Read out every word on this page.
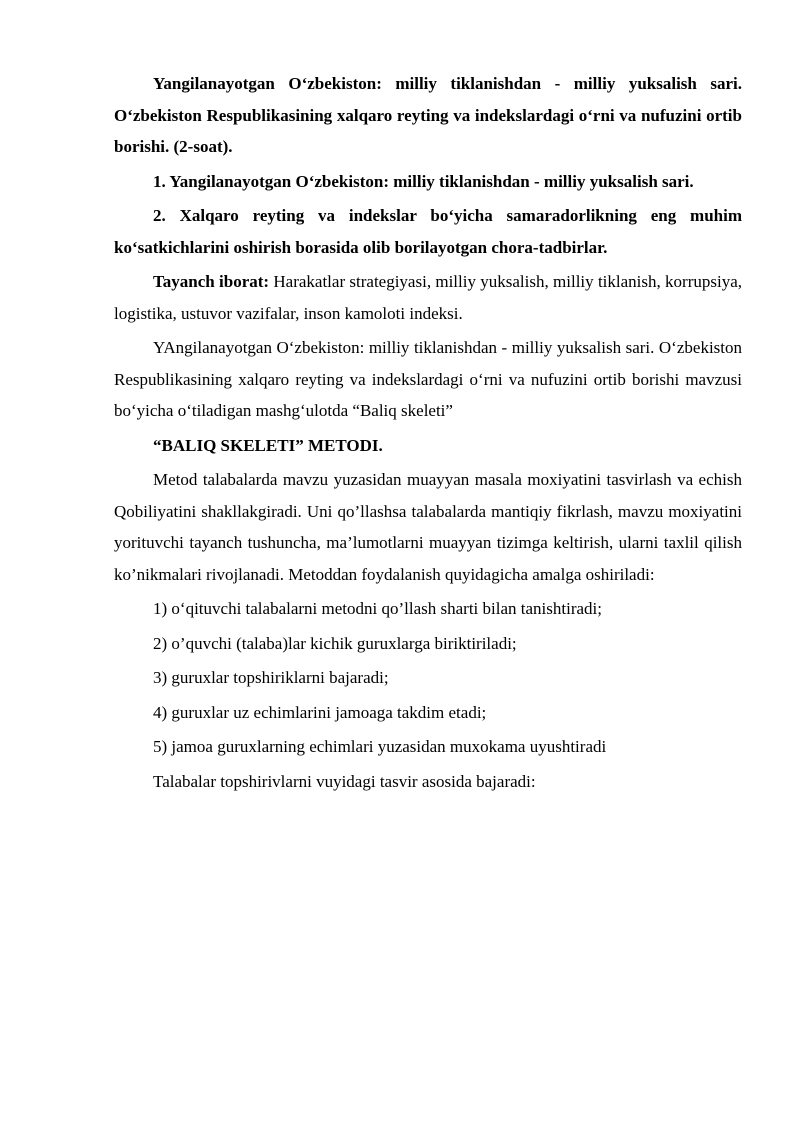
Yangilanayotgan O‘zbekiston: milliy tiklanishdan - milliy yuksalish sari. O‘zbekiston Respublikasining xalqaro reyting va indekslardagi o‘rni va nufuzini ortib borishi. (2-soat).

1. Yangilanayotgan O‘zbekiston: milliy tiklanishdan - milliy yuksalish sari.

2. Xalqaro reyting va indekslar bo‘yicha samaradorlikning eng muhim ko‘satkichlarini oshirish borasida olib borilayotgan chora-tadbirlar.

Tayanch iborat: Harakatlar strategiyasi, milliy yuksalish, milliy tiklanish, korrupsiya, logistika, ustuvor vazifalar, inson kamoloti indeksi.

YAngilanayotgan O‘zbekiston: milliy tiklanishdan - milliy yuksalish sari. O‘zbekiston Respublikasining xalqaro reyting va indekslardagi o‘rni va nufuzini ortib borishi mavzusi bo‘yicha o‘tiladigan mashg‘ulotda “Baliq skeleti”

“BALIQ SKELETI” METODI.

Metod talabalarda mavzu yuzasidan muayyan masala moxiyatini tasvirlash va echish Qobiliyatini shakllakgiradi. Uni qo’llashsa talabalarda mantiqiy fikrlash, mavzu moxiyatini yorituvchi tayanch tushuncha, ma’lumotlarni muayyan tizimga keltirish, ularni taxlil qilish ko’nikmalari rivojlanadi. Metoddan foydalanish quyidagicha amalga oshiriladi:

1) o‘qituvchi talabalarni metodni qo’llash sharti bilan tanishtiradi;

2) o’quvchi (talaba)lar kichik guruxlarga biriktiriladi;

3) guruxlar topshiriklarni bajaradi;

4) guruxlar uz echimlarini jamoaga takdim etadi;

5) jamoa guruxlarning echimlari yuzasidan muxokama uyushtiradi

Talabalar topshirivlarni vuyidagi tasvir asosida bajaradi:
